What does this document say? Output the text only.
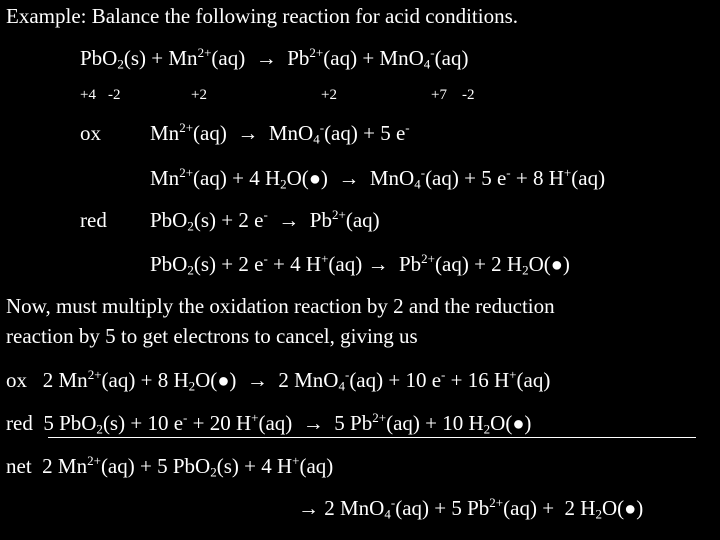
Example: Balance the following reaction for acid conditions.
$PbO_2(s) + Mn^{2+}(aq) \to Pb^{2+}(aq) + MnO_4^-(aq)$
+4 -2	+2	+2	+7 -2
ox $Mn^{2+}(aq) \to MnO_4^-(aq) + 5$ e-
$Mn^{2+}(aq) + 4$ $H_2O(●) \to MnO_4^-(aq) + 5$ e- + 8 H+(aq)
red PbO$_2$(s) + 2 $e^- \to Pb^{2+}(aq)$
PbO$_2$(s) + 2 e- + 4 $H^+(aq) \to Pb^{2+}(aq) + 2$ $H_2O(●)$
Now, must multiply the oxidation reaction by 2 and the reduction
reaction by 5 to get electrons to cancel, giving us
ox   2 $Mn^{2+}(aq) + 8$ $H_2O(●) \to 2$ MnO$_4$-(aq) + 10 e- + 16 H+(aq)
red  5 PbO$_2$(s) + 10 e- + 20 H+(aq) → 5 $Pb^{2+}(aq) + 10$ $H_2O(●)$
net  2 $Mn^{2+}(aq) + 5$ PbO$_2$(s) + 4 H+(aq)
→ 2 MnO$_4$-(aq) + 5 $Pb^{2+}(aq) + 2$ $H_2O(●)$
